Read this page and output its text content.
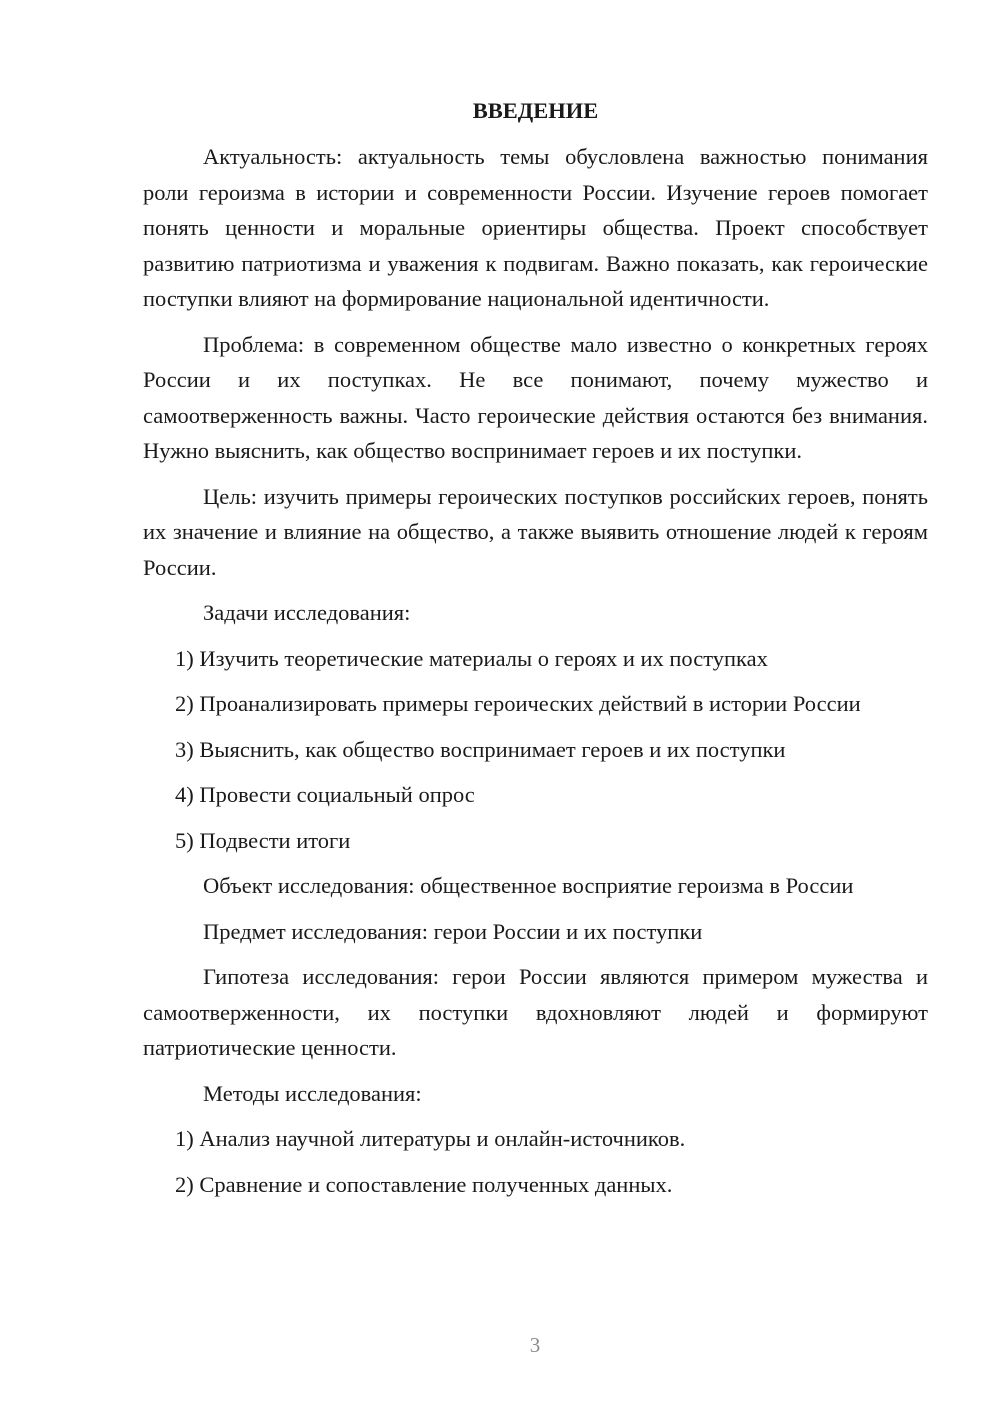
ВВЕДЕНИЕ

Актуальность: актуальность темы обусловлена важностью понимания роли героизма в истории и современности России. Изучение героев помогает понять ценности и моральные ориентиры общества. Проект способствует развитию патриотизма и уважения к подвигам. Важно показать, как героические поступки влияют на формирование национальной идентичности.

Проблема: в современном обществе мало известно о конкретных героях России и их поступках. Не все понимают, почему мужество и самоотверженность важны. Часто героические действия остаются без внимания. Нужно выяснить, как общество воспринимает героев и их поступки.

Цель: изучить примеры героических поступков российских героев, понять их значение и влияние на общество, а также выявить отношение людей к героям России.

Задачи исследования:

1) Изучить теоретические материалы о героях и их поступках

2) Проанализировать примеры героических действий в истории России

3) Выяснить, как общество воспринимает героев и их поступки

4) Провести социальный опрос

5) Подвести итоги

Объект исследования: общественное восприятие героизма в России

Предмет исследования: герои России и их поступки

Гипотеза исследования: герои России являются примером мужества и самоотверженности, их поступки вдохновляют людей и формируют патриотические ценности.

Методы исследования:

1) Анализ научной литературы и онлайн-источников.

2) Сравнение и сопоставление полученных данных.

3
